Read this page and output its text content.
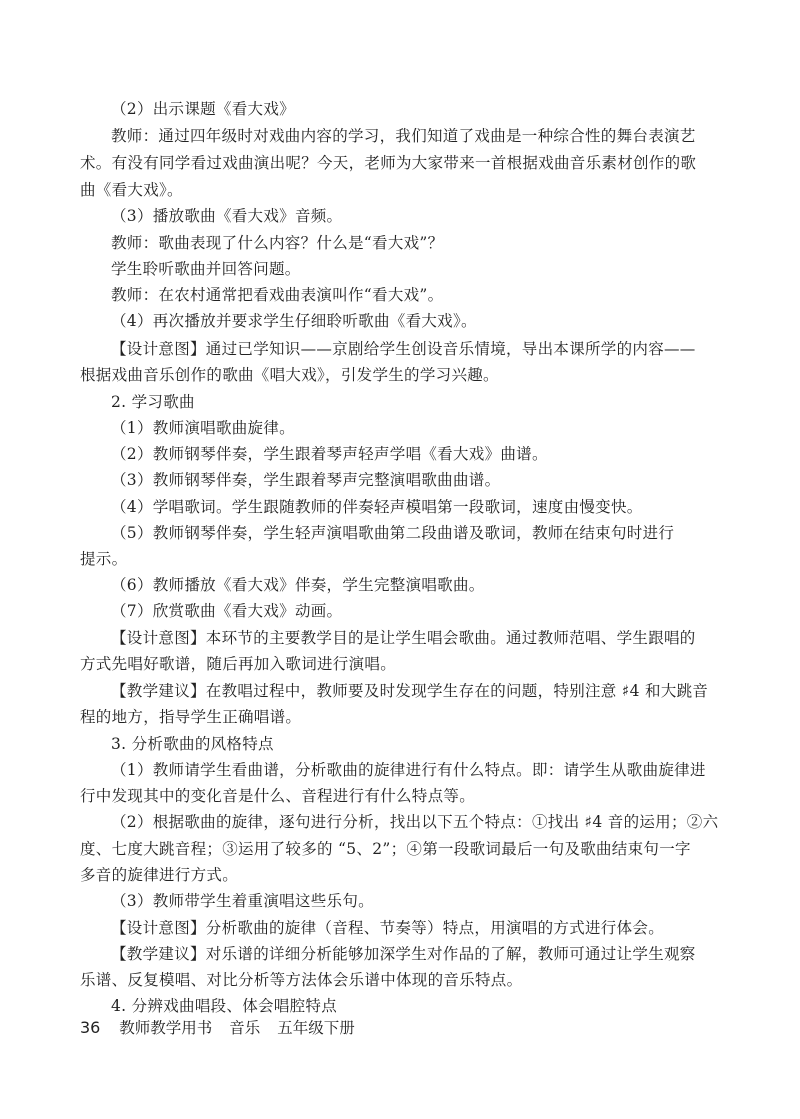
（2）出示课题《看大戏》
教师：通过四年级时对戏曲内容的学习，我们知道了戏曲是一种综合性的舞台表演艺
术。有没有同学看过戏曲演出呢？今天，老师为大家带来一首根据戏曲音乐素材创作的歌
曲《看大戏》。
（3）播放歌曲《看大戏》音频。
教师：歌曲表现了什么内容？什么是“看大戏”？
学生聆听歌曲并回答问题。
教师：在农村通常把看戏曲表演叫作“看大戏”。
（4）再次播放并要求学生仔细聆听歌曲《看大戏》。
【设计意图】通过已学知识——京剧给学生创设音乐情境，导出本课所学的内容——
根据戏曲音乐创作的歌曲《唱大戏》，引发学生的学习兴趣。
2. 学习歌曲
（1）教师演唱歌曲旋律。
（2）教师钢琴伴奏，学生跟着琴声轻声学唱《看大戏》曲谱。
（3）教师钢琴伴奏，学生跟着琴声完整演唱歌曲曲谱。
（4）学唱歌词。学生跟随教师的伴奏轻声模唱第一段歌词，速度由慢变快。
（5）教师钢琴伴奏，学生轻声演唱歌曲第二段曲谱及歌词，教师在结束句时进行
提示。
（6）教师播放《看大戏》伴奏，学生完整演唱歌曲。
（7）欣赏歌曲《看大戏》动画。
【设计意图】本环节的主要教学目的是让学生唱会歌曲。通过教师范唱、学生跟唱的
方式先唱好歌谱，随后再加入歌词进行演唱。
【教学建议】在教唱过程中，教师要及时发现学生存在的问题，特别注意 ♯4 和大跳音
程的地方，指导学生正确唱谱。
3. 分析歌曲的风格特点
（1）教师请学生看曲谱，分析歌曲的旋律进行有什么特点。即：请学生从歌曲旋律进
行中发现其中的变化音是什么、音程进行有什么特点等。
（2）根据歌曲的旋律，逐句进行分析，找出以下五个特点：①找出 ♯4 音的运用；②六
度、七度大跳音程；③运用了较多的 “5、2”；④第一段歌词最后一句及歌曲结束句一字
多音的旋律进行方式。
（3）教师带学生着重演唱这些乐句。
【设计意图】分析歌曲的旋律（音程、节奏等）特点，用演唱的方式进行体会。
【教学建议】对乐谱的详细分析能够加深学生对作品的了解，教师可通过让学生观察
乐谱、反复模唱、对比分析等方法体会乐谱中体现的音乐特点。
4. 分辨戏曲唱段、体会唱腔特点
36 教师教学用书 音乐 五年级下册
